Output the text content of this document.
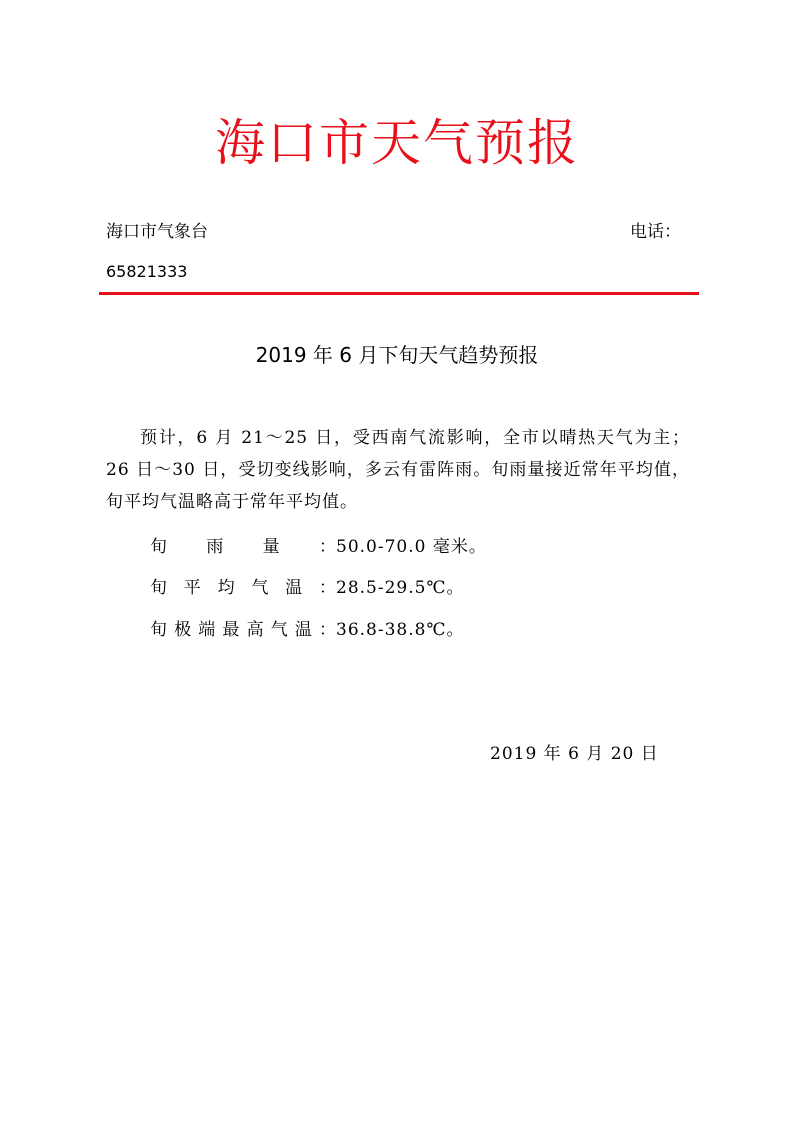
海口市天气预报
海口市气象台	电话：
65821333
2019 年 6 月下旬天气趋势预报

预计，6 月 21～25 日，受西南气流影响，全市以晴热天气为主；26 日～30 日，受切变线影响，多云有雷阵雨。旬雨量接近常年平均值，旬平均气温略高于常年平均值。

旬雨量：50.0-70.0 毫米。
旬平均气温：28.5-29.5℃。
旬极端最高气温：36.8-38.8℃。
2019 年 6 月 20 日
